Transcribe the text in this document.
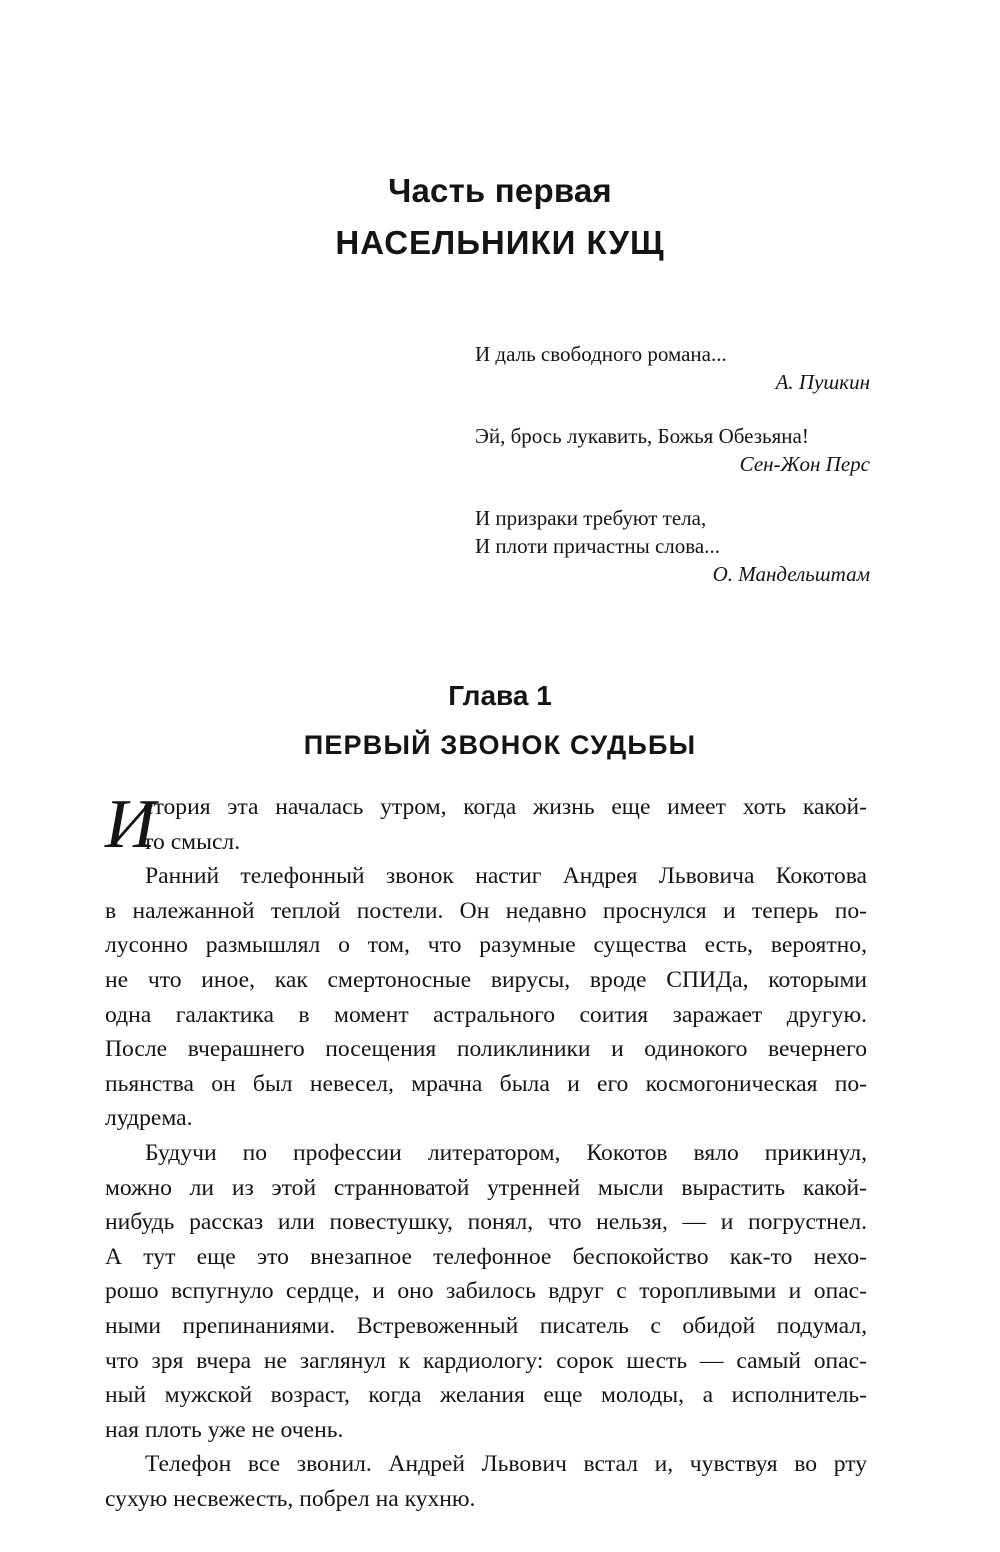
Часть первая
НАСЕЛЬНИКИ КУЩ
И даль свободного романа...
А. Пушкин
Эй, брось лукавить, Божья Обезьяна!
Сен-Жон Перс
И призраки требуют тела,
И плоти причастны слова...
О. Мандельштам
Глава 1
ПЕРВЫЙ ЗВОНОК СУДЬБЫ
И
стория эта началась утром, когда жизнь еще имеет хоть какой-
то смысл.
Ранний телефонный звонок настиг Андрея Львовича Кокотова
в належанной теплой постели. Он недавно проснулся и теперь по-
лусонно размышлял о том, что разумные существа есть, вероятно,
не что иное, как смертоносные вирусы, вроде СПИДа, которыми
одна галактика в момент астрального соития заражает другую.
После вчерашнего посещения поликлиники и одинокого вечернего
пьянства он был невесел, мрачна была и его космогоническая по-
лудрема.
Будучи по профессии литератором, Кокотов вяло прикинул,
можно ли из этой странноватой утренней мысли вырастить какой-
нибудь рассказ или повестушку, понял, что нельзя, — и погрустнел.
А тут еще это внезапное телефонное беспокойство как-то нехо-
рошо вспугнуло сердце, и оно забилось вдруг с торопливыми и опас-
ными препинаниями. Встревоженный писатель с обидой подумал,
что зря вчера не заглянул к кардиологу: сорок шесть — самый опас-
ный мужской возраст, когда желания еще молоды, а исполнитель-
ная плоть уже не очень.
Телефон все звонил. Андрей Львович встал и, чувствуя во рту
сухую несвежесть, побрел на кухню.
